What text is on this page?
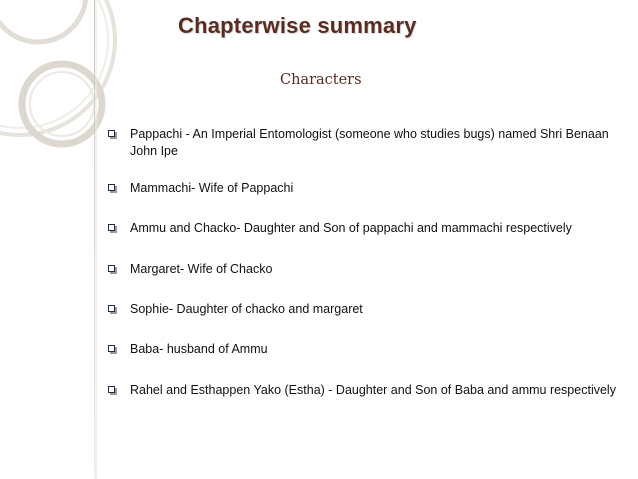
Chapterwise summary
Characters
Pappachi - An Imperial Entomologist (someone who studies bugs) named Shri Benaan John Ipe
Mammachi- Wife of Pappachi
Ammu and Chacko- Daughter and Son of pappachi and mammachi respectively
Margaret- Wife of Chacko
Sophie- Daughter of chacko and margaret
Baba- husband of Ammu
Rahel and Esthappen Yako (Estha) - Daughter and Son of Baba and ammu respectively
